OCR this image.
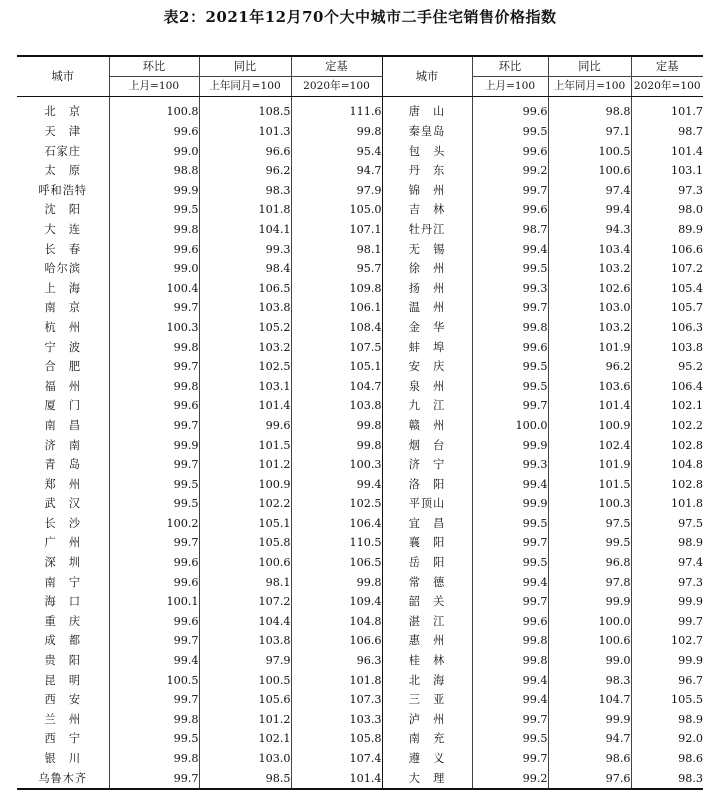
表2：2021年12月70个大中城市二手住宅销售价格指数
城市	环比	同比	定基	城市	环比	同比	定基
	上月=100	上年同月=100	2020年=100		上月=100	上年同月=100	2020年=100
北　京	100.8	108.5	111.6	唐　山	99.6	98.8	101.7
天　津	99.6	101.3	99.8	秦皇岛	99.5	97.1	98.7
石家庄	99.0	96.6	95.4	包　头	99.6	100.5	101.4
太　原	98.8	96.2	94.7	丹　东	99.2	100.6	103.1
呼和浩特	99.9	98.3	97.9	锦　州	99.7	97.4	97.3
沈　阳	99.5	101.8	105.0	吉　林	99.6	99.4	98.0
大　连	99.8	104.1	107.1	牡丹江	98.7	94.3	89.9
长　春	99.6	99.3	98.1	无　锡	99.4	103.4	106.6
哈尔滨	99.0	98.4	95.7	徐　州	99.5	103.2	107.2
上　海	100.4	106.5	109.8	扬　州	99.3	102.6	105.4
南　京	99.7	103.8	106.1	温　州	99.7	103.0	105.7
杭　州	100.3	105.2	108.4	金　华	99.8	103.2	106.3
宁　波	99.8	103.2	107.5	蚌　埠	99.6	101.9	103.8
合　肥	99.7	102.5	105.1	安　庆	99.5	96.2	95.2
福　州	99.8	103.1	104.7	泉　州	99.5	103.6	106.4
厦　门	99.6	101.4	103.8	九　江	99.7	101.4	102.1
南　昌	99.7	99.6	99.8	赣　州	100.0	100.9	102.2
济　南	99.9	101.5	99.8	烟　台	99.9	102.4	102.8
青　岛	99.7	101.2	100.3	济　宁	99.3	101.9	104.8
郑　州	99.5	100.9	99.4	洛　阳	99.4	101.5	102.8
武　汉	99.5	102.2	102.5	平顶山	99.9	100.3	101.8
长　沙	100.2	105.1	106.4	宜　昌	99.5	97.5	97.5
广　州	99.7	105.8	110.5	襄　阳	99.7	99.5	98.9
深　圳	99.6	100.6	106.5	岳　阳	99.5	96.8	97.4
南　宁	99.6	98.1	99.8	常　德	99.4	97.8	97.3
海　口	100.1	107.2	109.4	韶　关	99.7	99.9	99.9
重　庆	99.6	104.4	104.8	湛　江	99.6	100.0	99.7
成　都	99.7	103.8	106.6	惠　州	99.8	100.6	102.7
贵　阳	99.4	97.9	96.3	桂　林	99.8	99.0	99.9
昆　明	100.5	100.5	101.8	北　海	99.4	98.3	96.7
西　安	99.7	105.6	107.3	三　亚	99.4	104.7	105.5
兰　州	99.8	101.2	103.3	泸　州	99.7	99.9	98.9
西　宁	99.5	102.1	105.8	南　充	99.5	94.7	92.0
银　川	99.8	103.0	107.4	遵　义	99.7	98.6	98.6
乌鲁木齐	99.7	98.5	101.4	大　理	99.2	97.6	98.3
